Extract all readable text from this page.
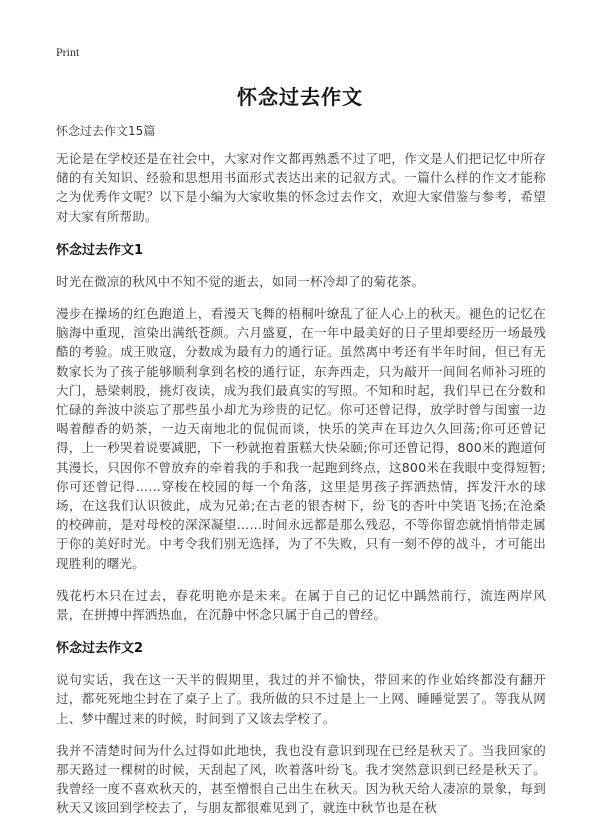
Print
怀念过去作文
怀念过去作文15篇

无论是在学校还是在社会中，大家对作文都再熟悉不过了吧，作文是人们把记忆中所存储的有关知识、经验和思想用书面形式表达出来的记叙方式。一篇什么样的作文才能称之为优秀作文呢？以下是小编为大家收集的怀念过去作文，欢迎大家借鉴与参考，希望对大家有所帮助。

怀念过去作文1

时光在微凉的秋风中不知不觉的逝去，如同一杯冷却了的菊花茶。

漫步在操场的红色跑道上，看漫天飞舞的梧桐叶缭乱了征人心上的秋天。褪色的记忆在脑海中重现，渲染出满纸苍颜。六月盛夏，在一年中最美好的日子里却要经历一场最残酷的考验。成王败寇，分数成为最有力的通行证。虽然离中考还有半年时间，但已有无数家长为了孩子能够顺利拿到名校的通行证，东奔西走，只为敲开一间间名师补习班的大门，悬梁刺股，挑灯夜读，成为我们最真实的写照。不知和时起，我们早已在分数和忙碌的奔波中淡忘了那些虽小却尤为珍贵的记忆。你可还曾记得，放学时曾与闺蜜一边喝着醇香的奶茶，一边天南地北的侃侃而谈，快乐的笑声在耳边久久回荡;你可还曾记得，上一秒哭着说要减肥，下一秒就抱着蛋糕大快朵颐;你可还曾记得，800米的跑道何其漫长，只因你不曾放弃的牵着我的手和我一起跑到终点，这800米在我眼中变得短暂;你可还曾记得……穿梭在校园的每一个角落，这里是男孩子挥洒热情，挥发汗水的球场，在这我们认识彼此，成为兄弟;在古老的银杏树下，纷飞的杏叶中笑语飞扬;在沧桑的校碑前，是对母校的深深凝望……时间永远都是那么残忍，不等你留恋就悄悄带走属于你的美好时光。中考令我们别无选择，为了不失败，只有一刻不停的战斗，才可能出现胜利的曙光。

残花朽木只在过去，春花明艳亦是未来。在属于自己的记忆中踽然前行，流连两岸风景，在拼搏中挥洒热血，在沉静中怀念只属于自己的曾经。

怀念过去作文2

说句实话，我在这一天半的假期里，我过的并不愉快，带回来的作业始终都没有翻开过，都死死地尘封在了桌子上了。我所做的只不过是上一上网、睡睡觉罢了。等我从网上、梦中醒过来的时候，时间到了又该去学校了。

我并不清楚时间为什么过得如此地快，我也没有意识到现在已经是秋天了。当我回家的那天路过一棵树的时候，天刮起了风，吹着落叶纷飞。我才突然意识到已经是秋天了。我曾经一度不喜欢秋天的，甚至憎恨自己出生在秋天。因为秋天给人凄凉的景象，每到秋天又该回到学校去了，与朋友都很难见到了，就连中秋节也是在秋
